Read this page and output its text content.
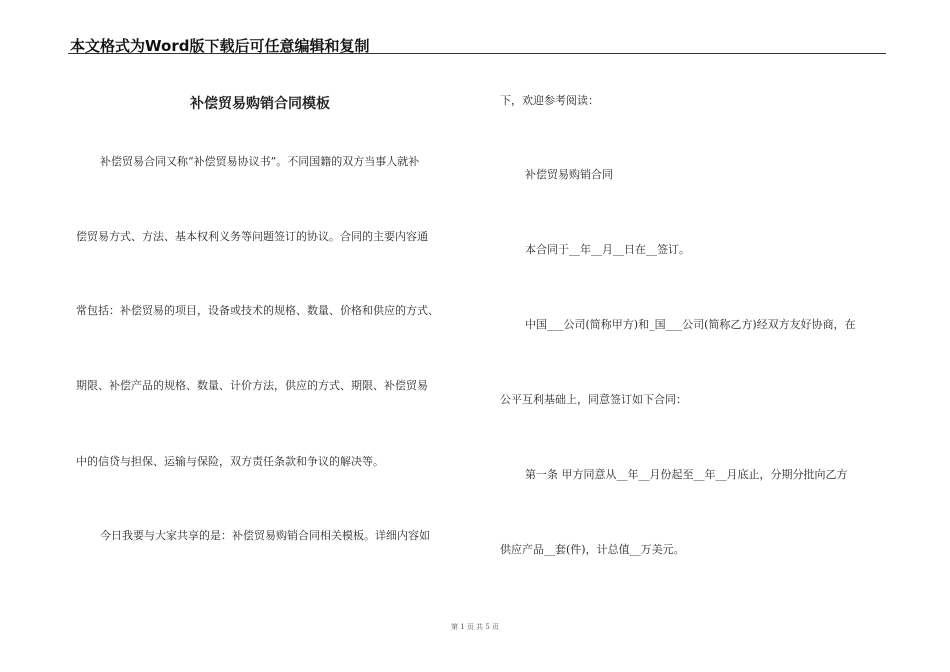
本文格式为Word版下载后可任意编辑和复制
补偿贸易购销合同模板
补偿贸易合同又称“补偿贸易协议书”。不同国籍的双方当事人就补
偿贸易方式、方法、基本权利义务等问题签订的协议。合同的主要内容通
常包括：补偿贸易的项目，设备或技术的规格、数量、价格和供应的方式、
期限、补偿产品的规格、数量、计价方法，供应的方式、期限、补偿贸易
中的信贷与担保、运输与保险，双方责任条款和争议的解决等。
今日我要与大家共享的是：补偿贸易购销合同相关模板。详细内容如
下，欢迎参考阅读：
补偿贸易购销合同
本合同于__年__月__日在__签订。
中国___公司(简称甲方)和_国___公司(简称乙方)经双方友好协商，在
公平互利基础上，同意签订如下合同：
第一条 甲方同意从__年__月份起至__年__月底止，分期分批向乙方
供应产品__套(件)，计总值__万美元。
第 1 页 共 5 页
